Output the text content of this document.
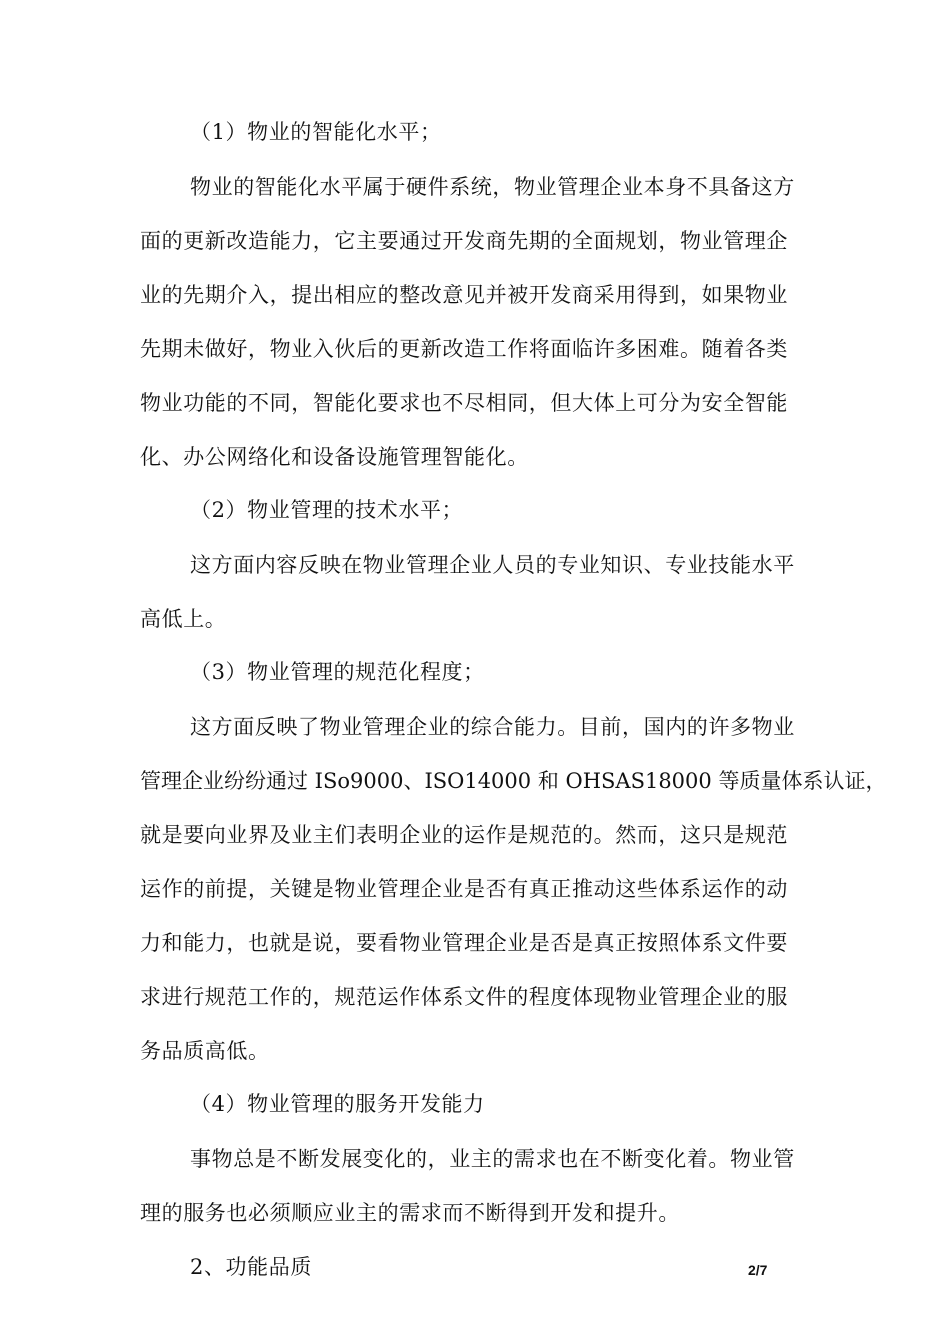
（1）物业的智能化水平；
物业的智能化水平属于硬件系统，物业管理企业本身不具备这方
面的更新改造能力，它主要通过开发商先期的全面规划，物业管理企
业的先期介入，提出相应的整改意见并被开发商采用得到，如果物业
先期未做好，物业入伙后的更新改造工作将面临许多困难。随着各类
物业功能的不同，智能化要求也不尽相同，但大体上可分为安全智能
化、办公网络化和设备设施管理智能化。
（2）物业管理的技术水平；
这方面内容反映在物业管理企业人员的专业知识、专业技能水平
高低上。
（3）物业管理的规范化程度；
这方面反映了物业管理企业的综合能力。目前，国内的许多物业
管理企业纷纷通过 ISo9000、ISO14000 和 OHSAS18000 等质量体系认证，
就是要向业界及业主们表明企业的运作是规范的。然而，这只是规范
运作的前提，关键是物业管理企业是否有真正推动这些体系运作的动
力和能力，也就是说，要看物业管理企业是否是真正按照体系文件要
求进行规范工作的，规范运作体系文件的程度体现物业管理企业的服
务品质高低。
（4）物业管理的服务开发能力
事物总是不断发展变化的，业主的需求也在不断变化着。物业管
理的服务也必须顺应业主的需求而不断得到开发和提升。
2、功能品质	2/7
